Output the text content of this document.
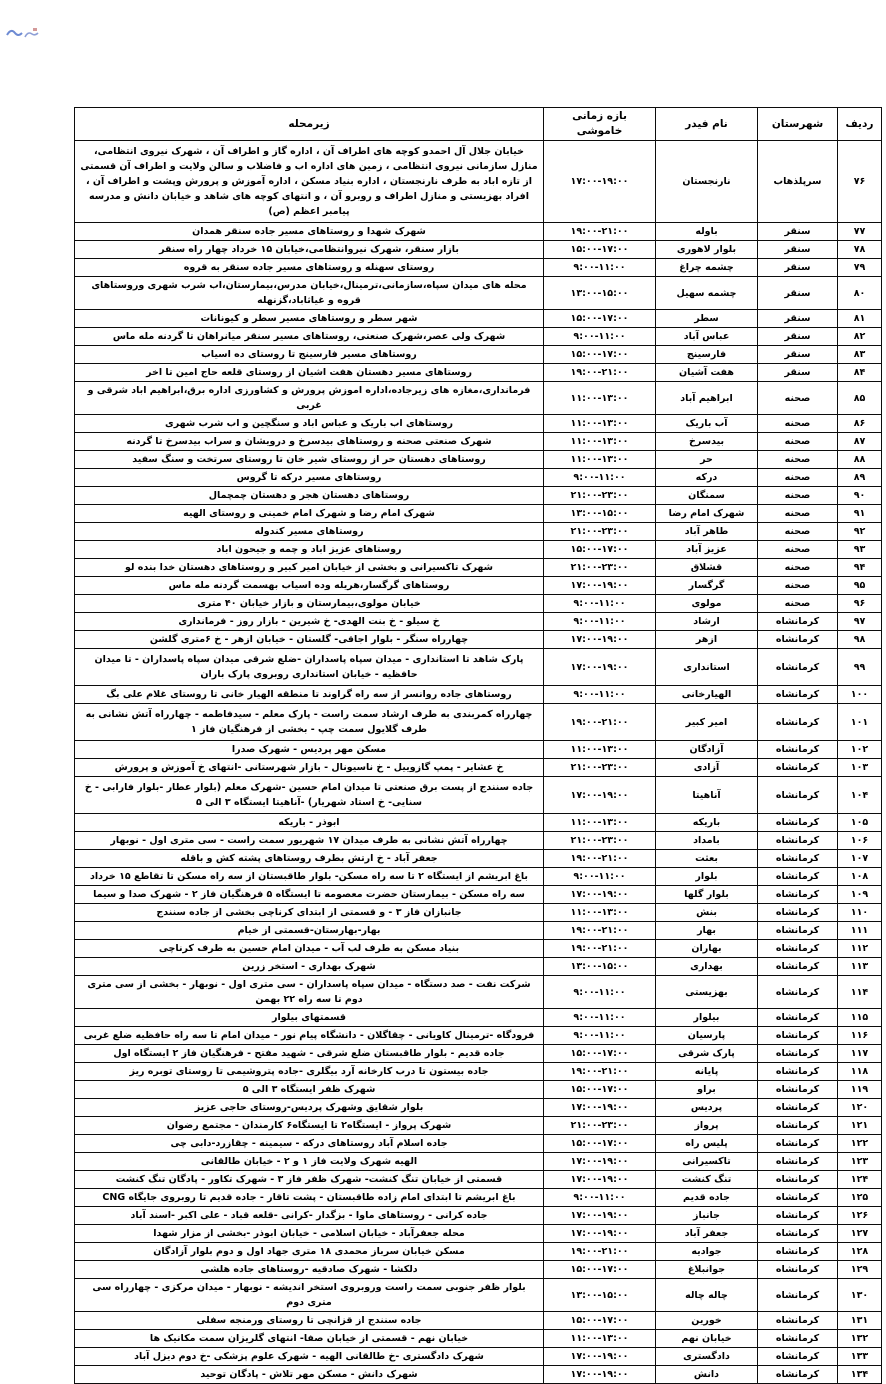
ردیف	شهرستان	نام فیدر	بازه زمانی خاموشی	زیرمحله
۷۶	سرپلذهاب	نارنجستان	۱۷:۰۰-۱۹:۰۰	خیابان جلال آل احمدو کوچه های اطراف آن ، اداره گاز و اطراف آن ، شهرک نیروی انتظامی، منازل سازمانی نیروی انتظامی ، زمین های اداره اب و فاضلاب و سالن ولایت و اطراف آن قسمتی از تازه اباد به طرف نارنجستان ، اداره بنیاد مسکن ، اداره آموزش و پرورش وپشت و اطراف آن ، افراد بهزیستی و منازل اطراف و روبرو آن ، و انتهای کوچه های شاهد و خیابان دانش و مدرسه پیامبر اعظم (ص)
۷۷	سنقر	باوله	۱۹:۰۰-۲۱:۰۰	شهرک شهدا و روستاهای مسیر جاده سنقر همدان
۷۸	سنقر	بلوار لاهوری	۱۵:۰۰-۱۷:۰۰	بازار سنقر، شهرک نیروانتظامی،خیابان ۱۵ خرداد چهار راه سنقر
۷۹	سنقر	چشمه چراغ	۹:۰۰-۱۱:۰۰	روستای سهنله و روستاهای مسیر جاده سنقر به قروه
۸۰	سنقر	چشمه سهیل	۱۳:۰۰-۱۵:۰۰	محله های میدان سپاه،سازمانی،ترمینال،خیابان مدرس،بیمارستان،اب شرب شهری وروستاهای قروه و غیاثاباد،گزنهله
۸۱	سنقر	سطر	۱۵:۰۰-۱۷:۰۰	شهر سطر و روستاهای مسیر سطر و کیونانات
۸۲	سنقر	عباس آباد	۹:۰۰-۱۱:۰۰	شهرک ولی عصر،شهرک صنعتی، روستاهای مسیر سنقر میانراهان تا گردنه مله ماس
۸۳	سنقر	فارسینج	۱۵:۰۰-۱۷:۰۰	روستاهای مسیر فارسینج تا روستای ده اسیاب
۸۴	سنقر	هفت آشیان	۱۹:۰۰-۲۱:۰۰	روستاهای مسیر دهستان هفت اشیان از روستای قلعه حاج امین تا اخر
۸۵	صحنه	ابراهیم آباد	۱۱:۰۰-۱۳:۰۰	فرمانداری،مغازه های زیرجاده،اداره اموزش پرورش و کشاورزی اداره برق،ابراهیم اباد شرقی و غربی
۸۶	صحنه	آب باریک	۱۱:۰۰-۱۳:۰۰	روستاهای اب باریک و عباس اباد و سنگچین و اب شرب شهری
۸۷	صحنه	بیدسرخ	۱۱:۰۰-۱۳:۰۰	شهرک صنعتی صحنه و روستاهای بیدسرخ و درویشان و سراب بیدسرخ تا گردنه
۸۸	صحنه	حر	۱۱:۰۰-۱۳:۰۰	روستاهای دهستان حر از روستای شیر خان تا روستای سرتخت و سنگ سفید
۸۹	صحنه	درکه	۹:۰۰-۱۱:۰۰	روستاهای مسیر درکه تا گروس
۹۰	صحنه	سمنگان	۲۱:۰۰-۲۳:۰۰	روستاهای دهستان هجر و دهستان چمچمال
۹۱	صحنه	شهرک امام رضا	۱۳:۰۰-۱۵:۰۰	شهرک امام رضا و شهرک امام خمینی و روستای الهیه
۹۲	صحنه	طاهر آباد	۲۱:۰۰-۲۳:۰۰	روستاهای مسیر کندوله
۹۳	صحنه	عزیز آباد	۱۵:۰۰-۱۷:۰۰	روستاهای عزیز اباد و چمه و جیحون اباد
۹۴	صحنه	قشلاق	۲۱:۰۰-۲۳:۰۰	شهرک تاکسیرانی و بخشی از خیابان امیر کبیر و روستاهای دهستان خدا بنده لو
۹۵	صحنه	گرگسار	۱۷:۰۰-۱۹:۰۰	روستاهای گرگسار،هریله وده اسیاب بهسمت گردنه مله ماس
۹۶	صحنه	مولوی	۹:۰۰-۱۱:۰۰	خیابان مولوی،بیمارستان و بازار خیابان ۴۰ متری
۹۷	کرمانشاه	ارشاد	۹:۰۰-۱۱:۰۰	خ سیلو - خ بنت الهدی- خ شیرین - بازار روز - فرمانداری
۹۸	کرمانشاه	ازهر	۱۷:۰۰-۱۹:۰۰	چهارراه سنگر - بلوار اجاقی- گلستان - خیابان ازهر - خ ۶متری گلشن
۹۹	کرمانشاه	استانداری	۱۷:۰۰-۱۹:۰۰	پارک شاهد تا استانداری - میدان سپاه پاسداران -ضلع شرقی میدان سپاه پاسداران - تا میدان حافظیه - خیابان استانداری روبروی پارک باران
۱۰۰	کرمانشاه	الهیارخانی	۹:۰۰-۱۱:۰۰	روستاهای جاده روانسر از سه راه گراوند تا منطقه الهیار خانی تا روستای غلام علی بگ
۱۰۱	کرمانشاه	امیر کبیر	۱۹:۰۰-۲۱:۰۰	چهارراه کمربندی به طرف ارشاد سمت راست - پارک معلم - سیدفاطمه - چهارراه آتش نشانی به طرف گلایول سمت چپ - بخشی از فرهنگیان فاز ۱
۱۰۲	کرمانشاه	آزادگان	۱۱:۰۰-۱۳:۰۰	مسکن مهر پردیس - شهرک صدرا
۱۰۳	کرمانشاه	آزادی	۲۱:۰۰-۲۳:۰۰	خ عشایر - پمپ گازوییل - خ ناسیونال - بازار شهرستانی -انتهای خ آموزش و پرورش
۱۰۴	کرمانشاه	آناهیتا	۱۷:۰۰-۱۹:۰۰	جاده سنندج از پست برق صنعتی تا میدان امام حسین -شهرک معلم (بلوار عطار -بلوار فارابی - خ سنایی- خ استاد شهریار) -آناهیتا ایستگاه ۳ الی ۵
۱۰۵	کرمانشاه	باریکه	۱۱:۰۰-۱۳:۰۰	ابوذر - باریکه
۱۰۶	کرمانشاه	بامداد	۲۱:۰۰-۲۳:۰۰	چهارراه آتش نشانی به طرف میدان ۱۷ شهریور سمت راست - سی متری اول - نوبهار
۱۰۷	کرمانشاه	بعثت	۱۹:۰۰-۲۱:۰۰	جعفر آباد - خ ارتش بطرف روستاهای پشته کش و باقله
۱۰۸	کرمانشاه	بلوار	۹:۰۰-۱۱:۰۰	باغ ابریشم از ایستگاه ۲ تا سه راه مسکن- بلوار طاقبستان از سه راه مسکن تا تقاطع ۱۵ خرداد
۱۰۹	کرمانشاه	بلوار گلها	۱۷:۰۰-۱۹:۰۰	سه راه مسکن - بیمارستان حضرت معصومه تا ایستگاه ۵ فرهنگیان فاز ۲ - شهرک صدا و سیما
۱۱۰	کرمانشاه	بنش	۱۱:۰۰-۱۳:۰۰	جانبازان فاز ۳ - و قسمتی از ابتدای کرناچی بخشی از جاده سنندج
۱۱۱	کرمانشاه	بهار	۱۹:۰۰-۲۱:۰۰	بهار-بهارستان-قسمتی از خیام
۱۱۲	کرمانشاه	بهاران	۱۹:۰۰-۲۱:۰۰	بنیاد مسکن به طرف لب آب - میدان امام حسین به طرف کرناچی
۱۱۳	کرمانشاه	بهداری	۱۳:۰۰-۱۵:۰۰	شهرک بهداری - استخر زرین
۱۱۴	کرمانشاه	بهزیستی	۹:۰۰-۱۱:۰۰	شرکت نفت - صد دستگاه - میدان سپاه پاسداران - سی متری اول - نوبهار - بخشی از سی متری دوم تا سه راه ۲۲ بهمن
۱۱۵	کرمانشاه	بیلوار	۹:۰۰-۱۱:۰۰	قسمتهای بیلوار
۱۱۶	کرمانشاه	پارسیان	۹:۰۰-۱۱:۰۰	فرودگاه -ترمینال کاویانی - چقاگلان - دانشگاه پیام نور - میدان امام تا سه راه حافظیه ضلع غربی
۱۱۷	کرمانشاه	پارک شرقی	۱۵:۰۰-۱۷:۰۰	جاده قدیم - بلوار طاقبستان ضلع شرقی - شهید مفتح - فرهنگیان فاز ۲ ایستگاه اول
۱۱۸	کرمانشاه	پایانه	۱۹:۰۰-۲۱:۰۰	جاده بیستون تا درب کارخانه آرد بیگلری -جاده پتروشیمی تا روستای توبره ریز
۱۱۹	کرمانشاه	براو	۱۵:۰۰-۱۷:۰۰	شهرک ظفر ایستگاه ۳ الی ۵
۱۲۰	کرمانشاه	پردیس	۱۷:۰۰-۱۹:۰۰	بلوار شقایق وشهرک پردیس-روستای حاجی عزیز
۱۲۱	کرمانشاه	پرواز	۲۱:۰۰-۲۳:۰۰	شهرک پرواز - ایستگاه۲ تا ایستگاه۶ کارمندان - مجتمع رضوان
۱۲۲	کرمانشاه	پلیس راه	۱۵:۰۰-۱۷:۰۰	جاده اسلام آباد روستاهای درکه - سیمینه - چقازرد-دابی چی
۱۲۳	کرمانشاه	تاکسیرانی	۱۷:۰۰-۱۹:۰۰	الهیه شهرک ولایت فاز ۱ و ۲ - خیابان طالقانی
۱۲۴	کرمانشاه	تنگ کنشت	۱۷:۰۰-۱۹:۰۰	قسمتی از خیابان تنگ کنشت- شهرک ظفر فاز ۳ - شهرک تکاور - پادگان تنگ کنشت
۱۲۵	کرمانشاه	جاده قدیم	۹:۰۰-۱۱:۰۰	باغ ابریشم تا ابتدای امام زاده طاقبستان - پشت تاقار - جاده قدیم تا روبروی جایگاه CNG
۱۲۶	کرمانشاه	جانباز	۱۷:۰۰-۱۹:۰۰	جاده کرانی - روستاهای ماوا - بزگدار -کرانی -قلعه قباد - علی اکبر -اسند آباد
۱۲۷	کرمانشاه	جعفر آباد	۱۷:۰۰-۱۹:۰۰	محله جعفرآباد - خیابان اسلامی - خیابان ابوذر -بخشی از مزار شهدا
۱۲۸	کرمانشاه	جوادیه	۱۹:۰۰-۲۱:۰۰	مسکن خیابان سرباز محمدی ۱۸ متری جهاد اول و دوم بلوار آزادگان
۱۲۹	کرمانشاه	جوانبلاغ	۱۵:۰۰-۱۷:۰۰	دلکشا - شهرک صادقیه -روستاهای جاده هلشی
۱۳۰	کرمانشاه	چاله چاله	۱۳:۰۰-۱۵:۰۰	بلوار ظفر جنوبی سمت راست وروبروی استخر اندیشه - نوبهار - میدان مرکزی - چهارراه سی متری دوم
۱۳۱	کرمانشاه	خورین	۱۵:۰۰-۱۷:۰۰	جاده سنندج از قزانچی تا روستای ورمنجه سفلی
۱۳۲	کرمانشاه	خیابان نهم	۱۱:۰۰-۱۳:۰۰	خیابان نهم - قسمتی از خیابان صفا- انتهای گلریزان سمت مکانیک ها
۱۳۳	کرمانشاه	دادگستری	۱۷:۰۰-۱۹:۰۰	شهرک دادگستری -خ طالقانی الهیه - شهرک علوم پزشکی -خ دوم دیزل آباد
۱۳۴	کرمانشاه	دانش	۱۷:۰۰-۱۹:۰۰	شهرک دانش - مسکن مهر تلاش - پادگان توحید
